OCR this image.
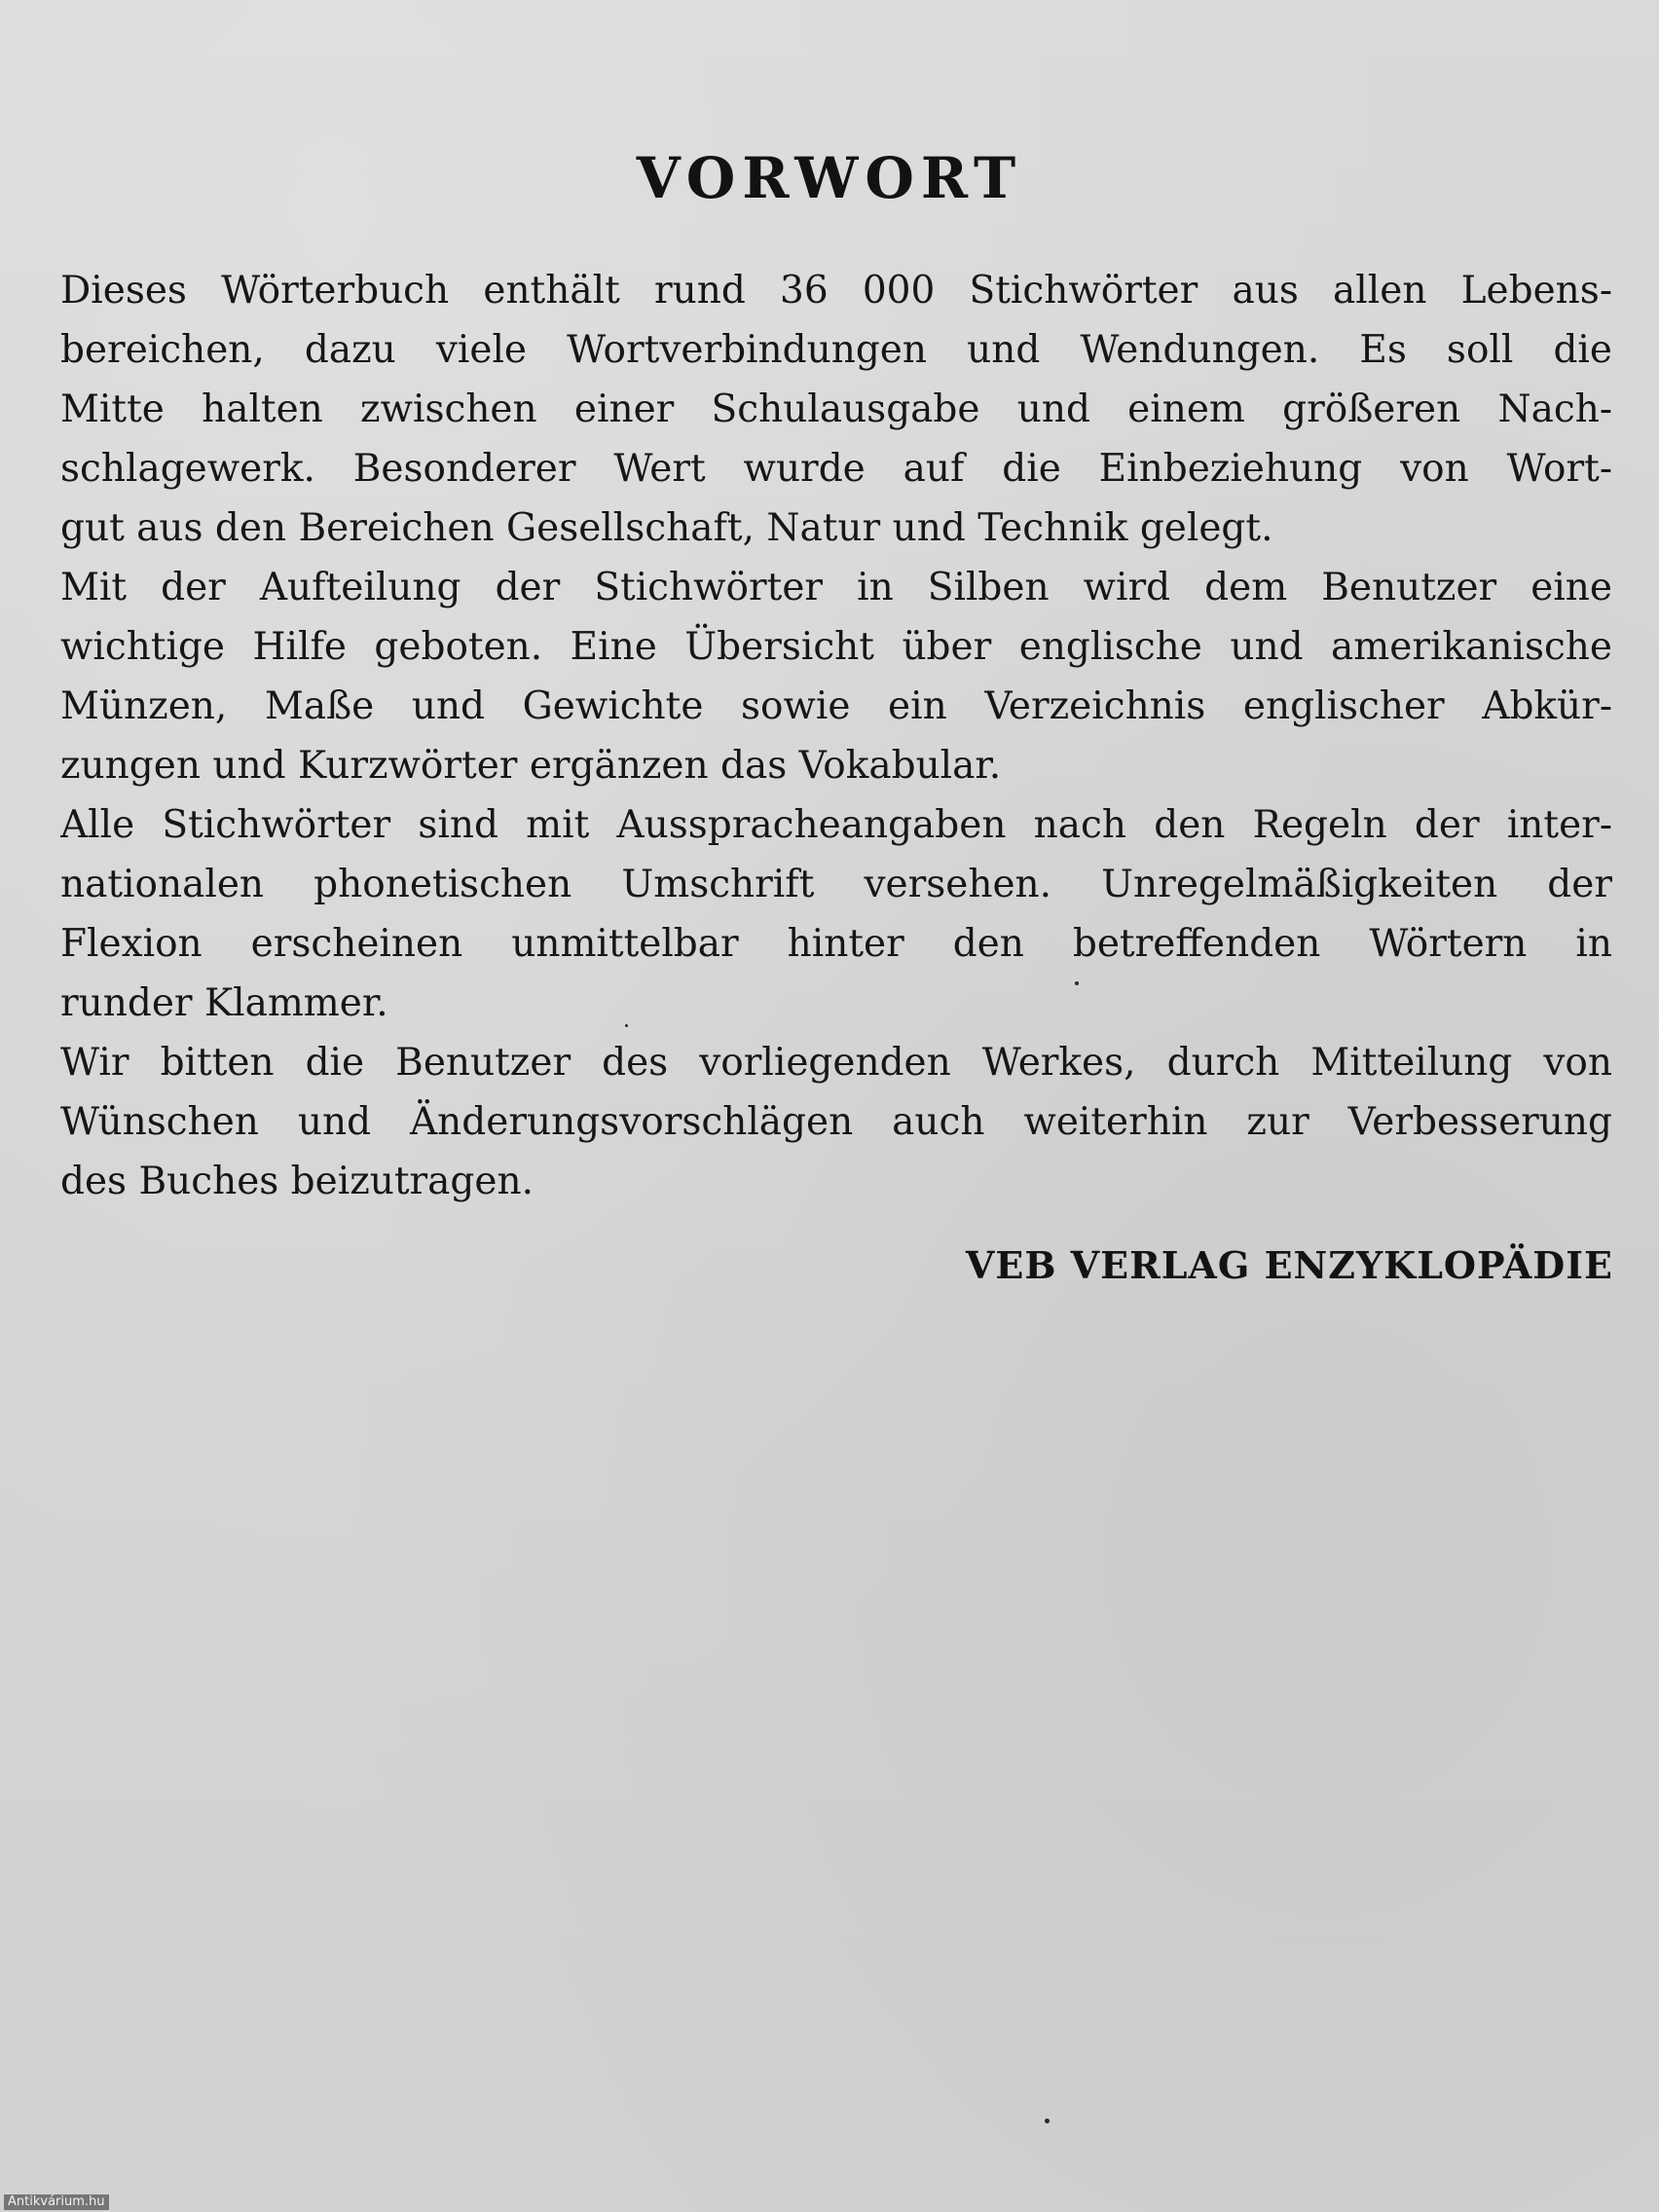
VORWORT
Dieses Wörterbuch enthält rund 36 000 Stichwörter aus allen Lebens-
bereichen, dazu viele Wortverbindungen und Wendungen. Es soll die
Mitte halten zwischen einer Schulausgabe und einem größeren Nach-
schlagewerk. Besonderer Wert wurde auf die Einbeziehung von Wort-
gut aus den Bereichen Gesellschaft, Natur und Technik gelegt.
Mit der Aufteilung der Stichwörter in Silben wird dem Benutzer eine
wichtige Hilfe geboten. Eine Übersicht über englische und amerikanische
Münzen, Maße und Gewichte sowie ein Verzeichnis englischer Abkür-
zungen und Kurzwörter ergänzen das Vokabular.
Alle Stichwörter sind mit Ausspracheangaben nach den Regeln der inter-
nationalen phonetischen Umschrift versehen. Unregelmäßigkeiten der
Flexion erscheinen unmittelbar hinter den betreffenden Wörtern in
runder Klammer.
Wir bitten die Benutzer des vorliegenden Werkes, durch Mitteilung von
Wünschen und Änderungsvorschlägen auch weiterhin zur Verbesserung
des Buches beizutragen.
VEB VERLAG ENZYKLOPÄDIE
Antikvárium.hu
